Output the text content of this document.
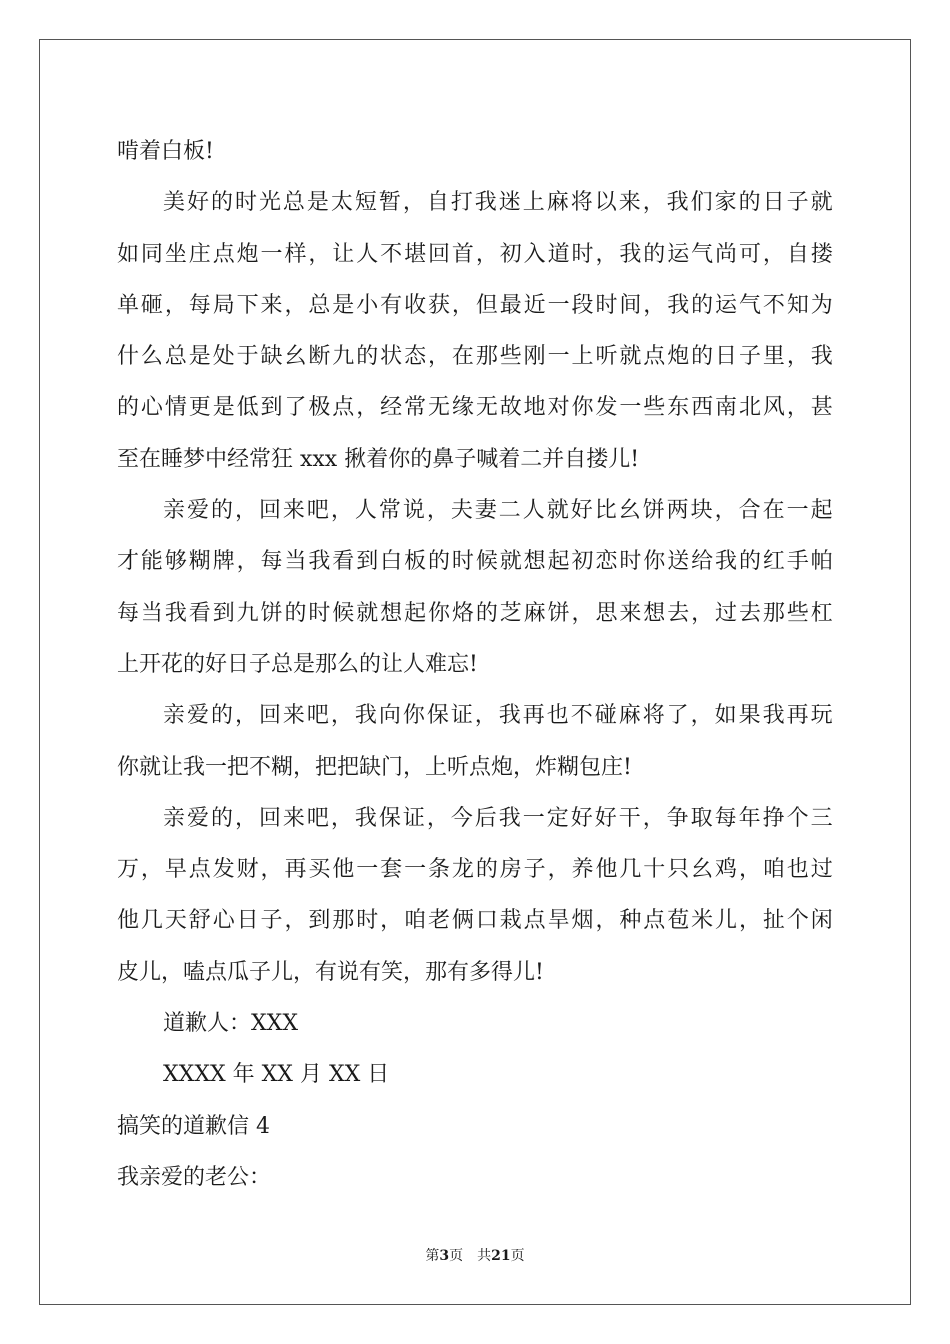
啃着白板!
美 好 的 时 光 总 是 太 短 暂 ， 自 打 我 迷 上 麻 将 以 来 ， 我 们 家 的 日 子 就
如 同 坐 庄 点 炮 一 样 ， 让 人 不 堪 回 首 ， 初 入 道 时 ， 我 的 运 气 尚 可 ， 自 搂
单 砸 ， 每 局 下 来 ， 总 是 小 有 收 获 ， 但 最 近 一 段 时 间 ， 我 的 运 气 不 知 为
什 么 总 是 处 于 缺 幺 断 九 的 状 态 ， 在 那 些 刚 一 上 听 就 点 炮 的 日 子 里 ， 我
的 心 情 更 是 低 到 了 极 点 ， 经 常 无 缘 无 故 地 对 你 发 一 些 东 西 南 北 风 ， 甚
至在睡梦中经常狂 xxx 揪着你的鼻子喊着二并自搂儿!
亲 爱 的 ， 回 来 吧 ， 人 常 说 ， 夫 妻 二 人 就 好 比 幺 饼 两 块 ， 合 在 一 起
才 能 够 糊 牌 ， 每 当 我 看 到 白 板 的 时 候 就 想 起 初 恋 时 你 送 给 我 的 红 手 帕
每 当 我 看 到 九 饼 的 时 候 就 想 起 你 烙 的 芝 麻 饼 ， 思 来 想 去 ， 过 去 那 些 杠
上开花的好日子总是那么的让人难忘!
亲 爱 的 ， 回 来 吧 ， 我 向 你 保 证 ， 我 再 也 不 碰 麻 将 了 ， 如 果 我 再 玩
你就让我一把不糊，把把缺门，上听点炮，炸糊包庄!
亲 爱 的 ， 回 来 吧 ， 我 保 证 ， 今 后 我 一 定 好 好 干 ， 争 取 每 年 挣 个 三
万 ， 早 点 发 财 ， 再 买 他 一 套 一 条 龙 的 房 子 ， 养 他 几 十 只 幺 鸡 ， 咱 也 过
他 几 天 舒 心 日 子 ， 到 那 时 ， 咱 老 俩 口 栽 点 旱 烟 ， 种 点 苞 米 儿 ， 扯 个 闲
皮儿，嗑点瓜子儿，有说有笑，那有多得儿!
道歉人：XXX
XXXX 年 XX 月 XX 日
搞笑的道歉信 4
我亲爱的老公：
第3页 共21页
